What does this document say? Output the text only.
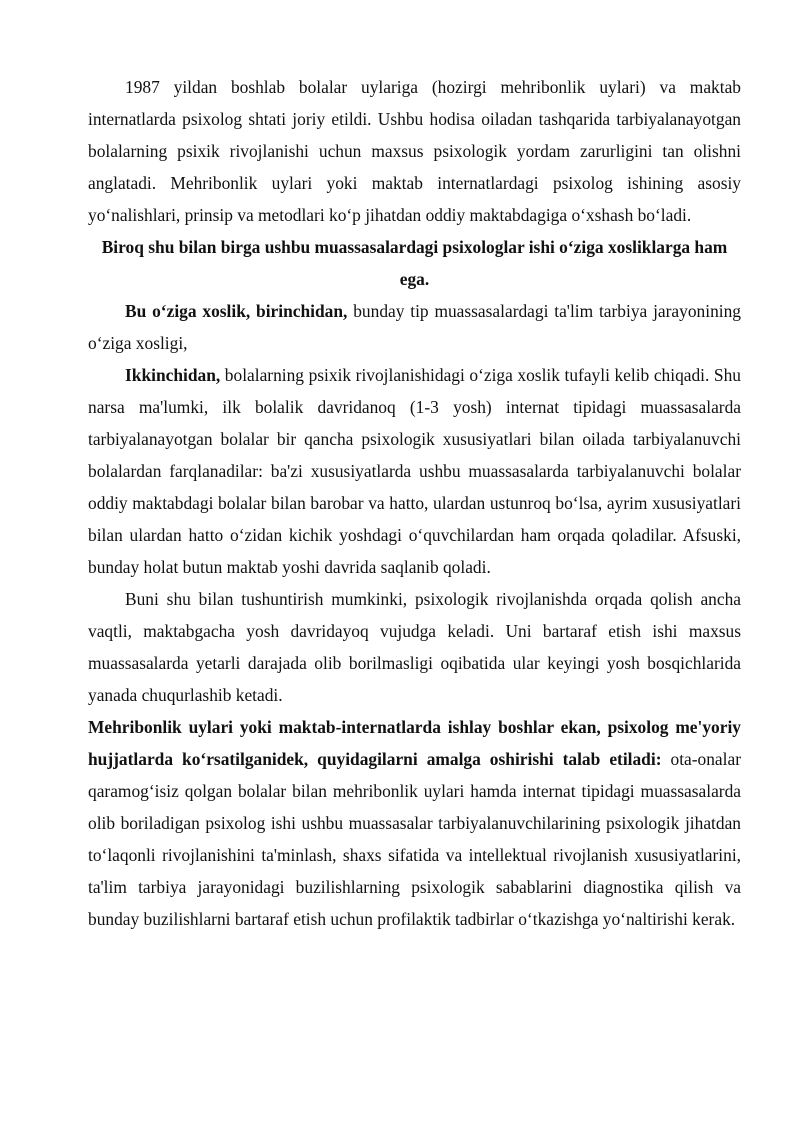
1987 yildan boshlab bolalar uylariga (hozirgi mehribonlik uylari) va maktab internatlarda psixolog shtati joriy etildi. Ushbu hodisa oiladan tashqarida tarbiyalanayotgan bolalarning psixik rivojlanishi uchun maxsus psixologik yordam zarurligini tan olishni anglatadi. Mehribonlik uylari yoki maktab internatlardagi psixolog ishining asosiy yo‘nalishlari, prinsip va metodlari ko‘p jihatdan oddiy maktabdagiga o‘xshash bo‘ladi.

Biroq shu bilan birga ushbu muassasalardagi psixologlar ishi o‘ziga xosliklarga ham ega.

Bu o‘ziga xoslik, birinchidan, bunday tip muassasalardagi ta'lim tarbiya jarayonining o‘ziga xosligi,

Ikkinchidan, bolalarning psixik rivojlanishidagi o‘ziga xoslik tufayli kelib chiqadi. Shu narsa ma'lumki, ilk bolalik davridanoq (1-3 yosh) internat tipidagi muassasalarda tarbiyalanayotgan bolalar bir qancha psixologik xususiyatlari bilan oilada tarbiyalanuvchi bolalardan farqlanadilar: ba'zi xususiyatlarda ushbu muassasalarda tarbiyalanuvchi bolalar oddiy maktabdagi bolalar bilan barobar va hatto, ulardan ustunroq bo‘lsa, ayrim xususiyatlari bilan ulardan hatto o‘zidan kichik yoshdagi o‘quvchilardan ham orqada qoladilar. Afsuski, bunday holat butun maktab yoshi davrida saqlanib qoladi.

Buni shu bilan tushuntirish mumkinki, psixologik rivojlanishda orqada qolish ancha vaqtli, maktabgacha yosh davridayoq vujudga keladi. Uni bartaraf etish ishi maxsus muassasalarda yetarli darajada olib borilmasligi oqibatida ular keyingi yosh bosqichlarida yanada chuqurlashib ketadi.

Mehribonlik uylari yoki maktab-internatlarda ishlay boshlar ekan, psixolog me'yoriy hujjatlarda ko‘rsatilganidek, quyidagilarni amalga oshirishi talab etiladi: ota-onalar qaramog‘isiz qolgan bolalar bilan mehribonlik uylari hamda internat tipidagi muassasalarda olib boriladigan psixolog ishi ushbu muassasalar tarbiyalanuvchilarining psixologik jihatdan to‘laqonli rivojlanishini ta'minlash, shaxs sifatida va intellektual rivojlanish xususiyatlarini, ta'lim tarbiya jarayonidagi buzilishlarning psixologik sabablarini diagnostika qilish va bunday buzilishlarni bartaraf etish uchun profilaktik tadbirlar o‘tkazishga yo‘naltirishi kerak.
